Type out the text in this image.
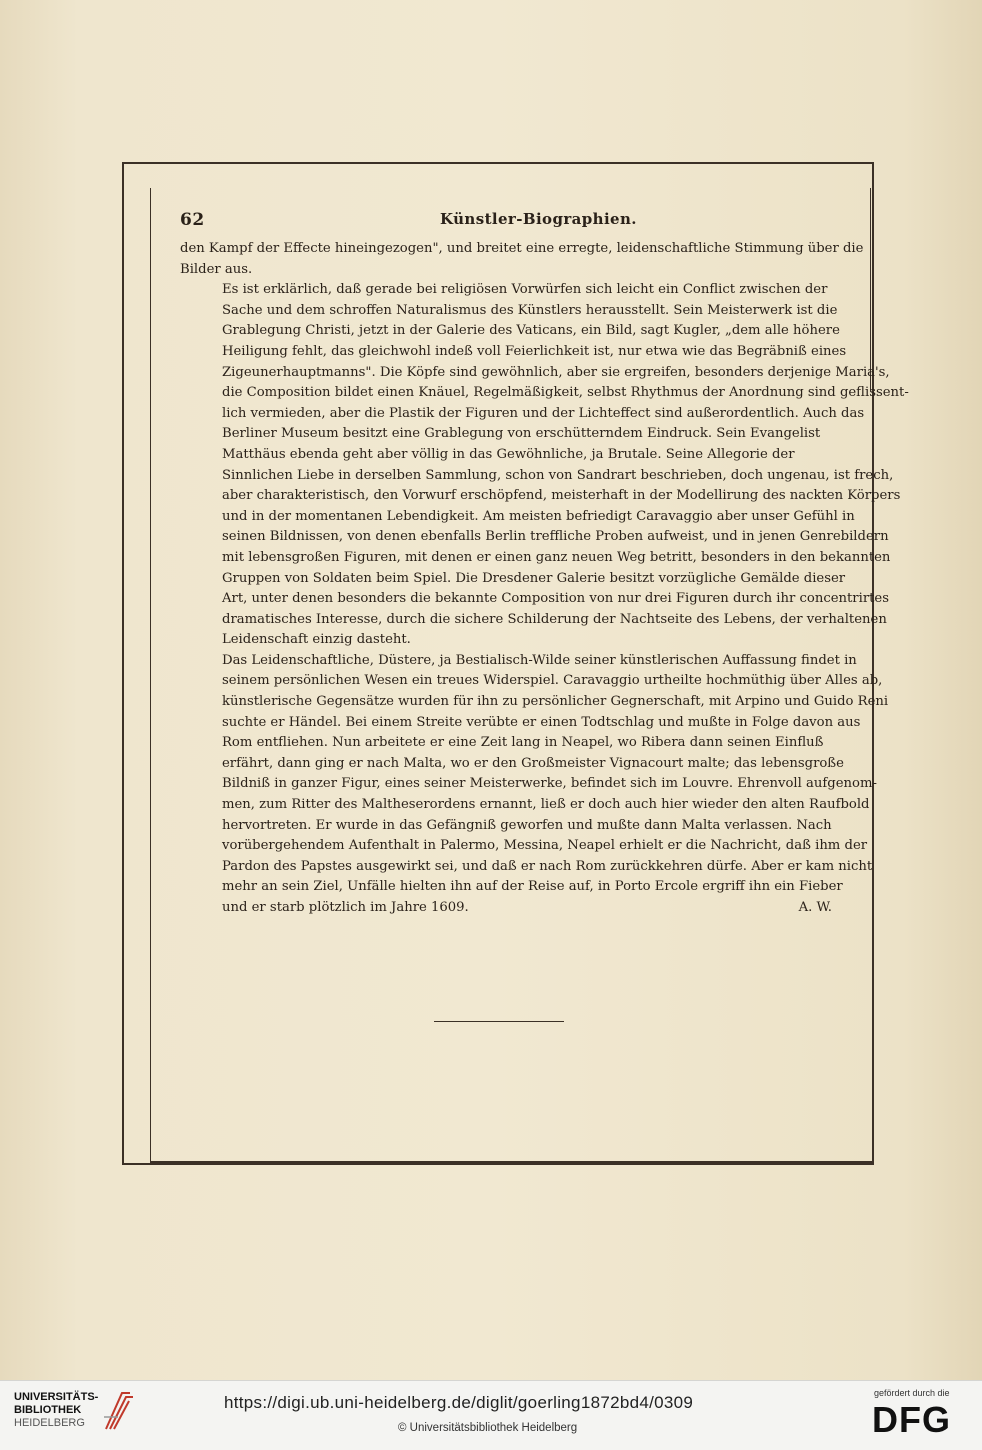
62	Künstler-Biographien.

den Kampf der Effecte hineingezogen", und breitet eine erregte, leidenschaftliche Stimmung über die
Bilder aus.

Es ist erklärlich, daß gerade bei religiösen Vorwürfen sich leicht ein Conflict zwischen der
Sache und dem schroffen Naturalismus des Künstlers herausstellt. Sein Meisterwerk ist die
Grablegung Christi, jetzt in der Galerie des Vaticans, ein Bild, sagt Kugler, „dem alle höhere
Heiligung fehlt, das gleichwohl indeß voll Feierlichkeit ist, nur etwa wie das Begräbniß eines
Zigeunerhauptmanns". Die Köpfe sind gewöhnlich, aber sie ergreifen, besonders derjenige Maria's,
die Composition bildet einen Knäuel, Regelmäßigkeit, selbst Rhythmus der Anordnung sind geflissent-
lich vermieden, aber die Plastik der Figuren und der Lichteffect sind außerordentlich. Auch das
Berliner Museum besitzt eine Grablegung von erschütterndem Eindruck. Sein Evangelist
Matthäus ebenda geht aber völlig in das Gewöhnliche, ja Brutale. Seine Allegorie der
Sinnlichen Liebe in derselben Sammlung, schon von Sandrart beschrieben, doch ungenau, ist frech,
aber charakteristisch, den Vorwurf erschöpfend, meisterhaft in der Modellirung des nackten Körpers
und in der momentanen Lebendigkeit. Am meisten befriedigt Caravaggio aber unser Gefühl in
seinen Bildnissen, von denen ebenfalls Berlin treffliche Proben aufweist, und in jenen Genrebildern
mit lebensgroßen Figuren, mit denen er einen ganz neuen Weg betritt, besonders in den bekannten
Gruppen von Soldaten beim Spiel. Die Dresdener Galerie besitzt vorzügliche Gemälde dieser
Art, unter denen besonders die bekannte Composition von nur drei Figuren durch ihr concentrirtes
dramatisches Interesse, durch die sichere Schilderung der Nachtseite des Lebens, der verhaltenen
Leidenschaft einzig dasteht.

Das Leidenschaftliche, Düstere, ja Bestialisch-Wilde seiner künstlerischen Auffassung findet in
seinem persönlichen Wesen ein treues Widerspiel. Caravaggio urtheilte hochmüthig über Alles ab,
künstlerische Gegensätze wurden für ihn zu persönlicher Gegnerschaft, mit Arpino und Guido Reni
suchte er Händel. Bei einem Streite verübte er einen Todtschlag und mußte in Folge davon aus
Rom entfliehen. Nun arbeitete er eine Zeit lang in Neapel, wo Ribera dann seinen Einfluß
erfährt, dann ging er nach Malta, wo er den Großmeister Vignacourt malte; das lebensgroße
Bildniß in ganzer Figur, eines seiner Meisterwerke, befindet sich im Louvre. Ehrenvoll aufgenom-
men, zum Ritter des Maltheserordens ernannt, ließ er doch auch hier wieder den alten Raufbold
hervortreten. Er wurde in das Gefängniß geworfen und mußte dann Malta verlassen. Nach
vorübergehendem Aufenthalt in Palermo, Messina, Neapel erhielt er die Nachricht, daß ihm der
Pardon des Papstes ausgewirkt sei, und daß er nach Rom zurückkehren dürfe. Aber er kam nicht
mehr an sein Ziel, Unfälle hielten ihn auf der Reise auf, in Porto Ercole ergriff ihn ein Fieber
und er starb plötzlich im Jahre 1609.	A. W.

UNIVERSITÄTS-
BIBLIOTHEK
HEIDELBERG
https://digi.ub.uni-heidelberg.de/diglit/goerling1872bd4/0309
© Universitätsbibliothek Heidelberg
gefördert durch die
DFG
